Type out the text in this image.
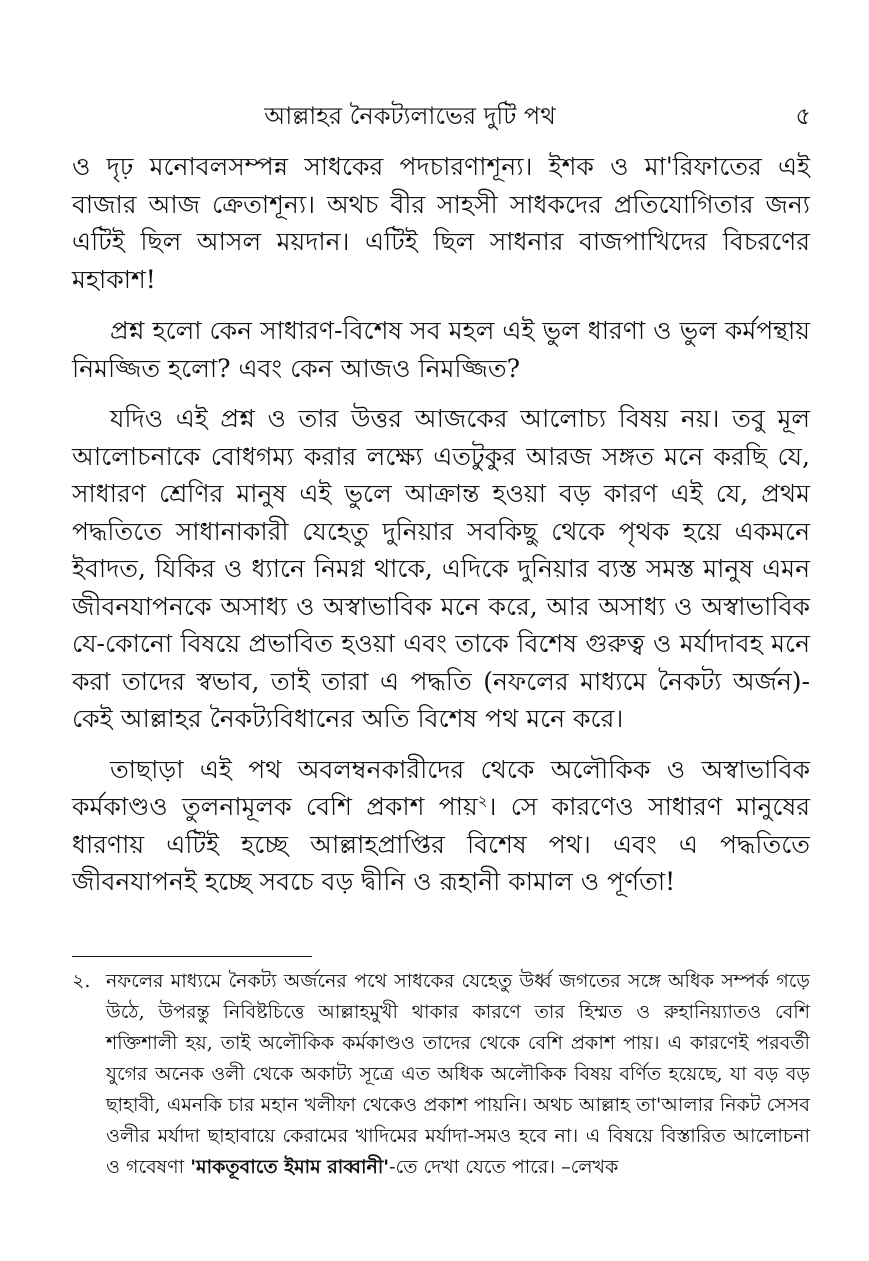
আল্লাহর নৈকট্যলাভের দুটি পথ	৫

ও দৃঢ় মনোবলসম্পন্ন সাধকের পদচারণাশূন্য। ইশক ও মা'রিফাতের এই বাজার আজ ক্রেতাশূন্য। অথচ বীর সাহসী সাধকদের প্রতিযোগিতার জন্য এটিই ছিল আসল ময়দান। এটিই ছিল সাধনার বাজপাখিদের বিচরণের মহাকাশ!

প্রশ্ন হলো কেন সাধারণ-বিশেষ সব মহল এই ভুল ধারণা ও ভুল কর্মপন্থায় নিমজ্জিত হলো? এবং কেন আজও নিমজ্জিত?

যদিও এই প্রশ্ন ও তার উত্তর আজকের আলোচ্য বিষয় নয়। তবু মূল আলোচনাকে বোধগম্য করার লক্ষ্যে এতটুকুর আরজ সঙ্গত মনে করছি যে, সাধারণ শ্রেণির মানুষ এই ভুলে আক্রান্ত হওয়া বড় কারণ এই যে, প্রথম পদ্ধতিতে সাধানাকারী যেহেতু দুনিয়ার সবকিছু থেকে পৃথক হয়ে একমনে ইবাদত, যিকির ও ধ্যানে নিমগ্ন থাকে, এদিকে দুনিয়ার ব্যস্ত সমস্ত মানুষ এমন জীবনযাপনকে অসাধ্য ও অস্বাভাবিক মনে করে, আর অসাধ্য ও অস্বাভাবিক যে-কোনো বিষয়ে প্রভাবিত হওয়া এবং তাকে বিশেষ গুরুত্ব ও মর্যাদাবহ মনে করা তাদের স্বভাব, তাই তারা এ পদ্ধতি (নফলের মাধ্যমে নৈকট্য অর্জন)-কেই আল্লাহর নৈকট্যবিধানের অতি বিশেষ পথ মনে করে।

তাছাড়া এই পথ অবলম্বনকারীদের থেকে অলৌকিক ও অস্বাভাবিক কর্মকাণ্ডও তুলনামূলক বেশি প্রকাশ পায়$^২$। সে কারণেও সাধারণ মানুষের ধারণায় এটিই হচ্ছে আল্লাহপ্রাপ্তির বিশেষ পথ। এবং এ পদ্ধতিতে জীবনযাপনই হচ্ছে সবচে বড় দ্বীনি ও রূহানী কামাল ও পূর্ণতা!

২. নফলের মাধ্যমে নৈকট্য অর্জনের পথে সাধকের যেহেতু উর্ধ্ব জগতের সঙ্গে অধিক সম্পর্ক গড়ে উঠে, উপরন্তু নিবিষ্টচিত্তে আল্লাহমুখী থাকার কারণে তার হিম্মত ও রুহানিয়্যাতও বেশি শক্তিশালী হয়, তাই অলৌকিক কর্মকাণ্ডও তাদের থেকে বেশি প্রকাশ পায়। এ কারণেই পরবর্তী যুগের অনেক ওলী থেকে অকাট্য সূত্রে এত অধিক অলৌকিক বিষয় বর্ণিত হয়েছে, যা বড় বড় ছাহাবী, এমনকি চার মহান খলীফা থেকেও প্রকাশ পায়নি। অথচ আল্লাহ তা'আলার নিকট সেসব ওলীর মর্যাদা ছাহাবায়ে কেরামের খাদিমের মর্যাদা-সমও হবে না। এ বিষয়ে বিস্তারিত আলোচনা ও গবেষণা 'মাকতূবাতে ইমাম রাব্বানী'-তে দেখা যেতে পারে। –লেখক
